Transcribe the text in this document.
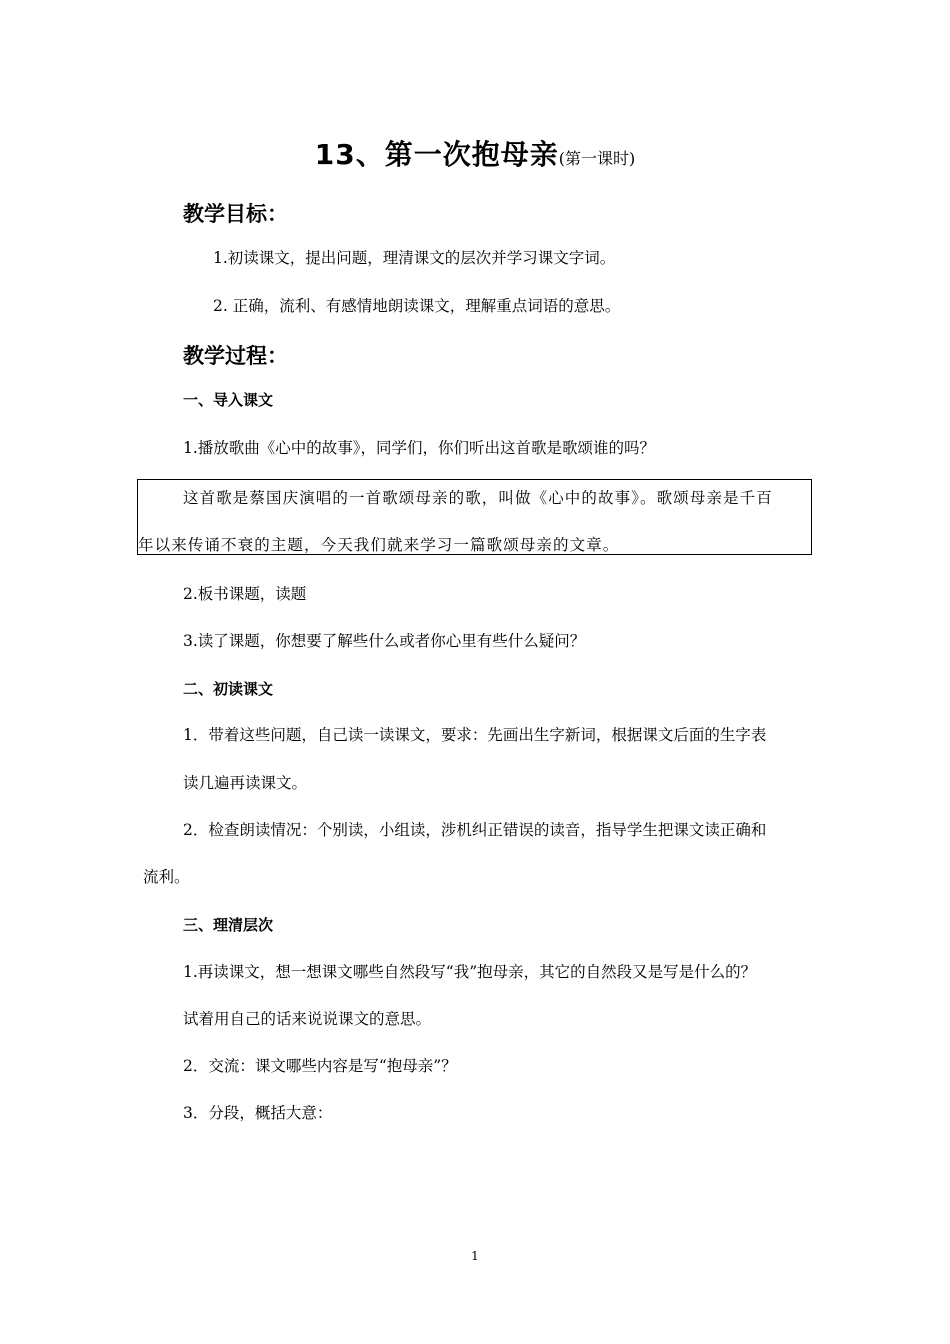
13、第一次抱母亲(第一课时)
教学目标：
1.初读课文，提出问题，理清课文的层次并学习课文字词。
2. 正确，流利、有感情地朗读课文，理解重点词语的意思。
教学过程：
一、导入课文
1.播放歌曲《心中的故事》，同学们，你们听出这首歌是歌颂谁的吗？
这首歌是蔡国庆演唱的一首歌颂母亲的歌，叫做《心中的故事》。歌颂母亲是千百
年以来传诵不衰的主题，今天我们就来学习一篇歌颂母亲的文章。
2.板书课题，读题
3.读了课题，你想要了解些什么或者你心里有些什么疑问？
二、初读课文
1．带着这些问题，自己读一读课文，要求：先画出生字新词，根据课文后面的生字表
读几遍再读课文。
2．检查朗读情况：个别读，小组读，涉机纠正错误的读音，指导学生把课文读正确和
流利。
三、理清层次
1.再读课文，想一想课文哪些自然段写“我”抱母亲，其它的自然段又是写是什么的？
试着用自己的话来说说课文的意思。
2．交流：课文哪些内容是写“抱母亲”？
3．分段，概括大意：
1
